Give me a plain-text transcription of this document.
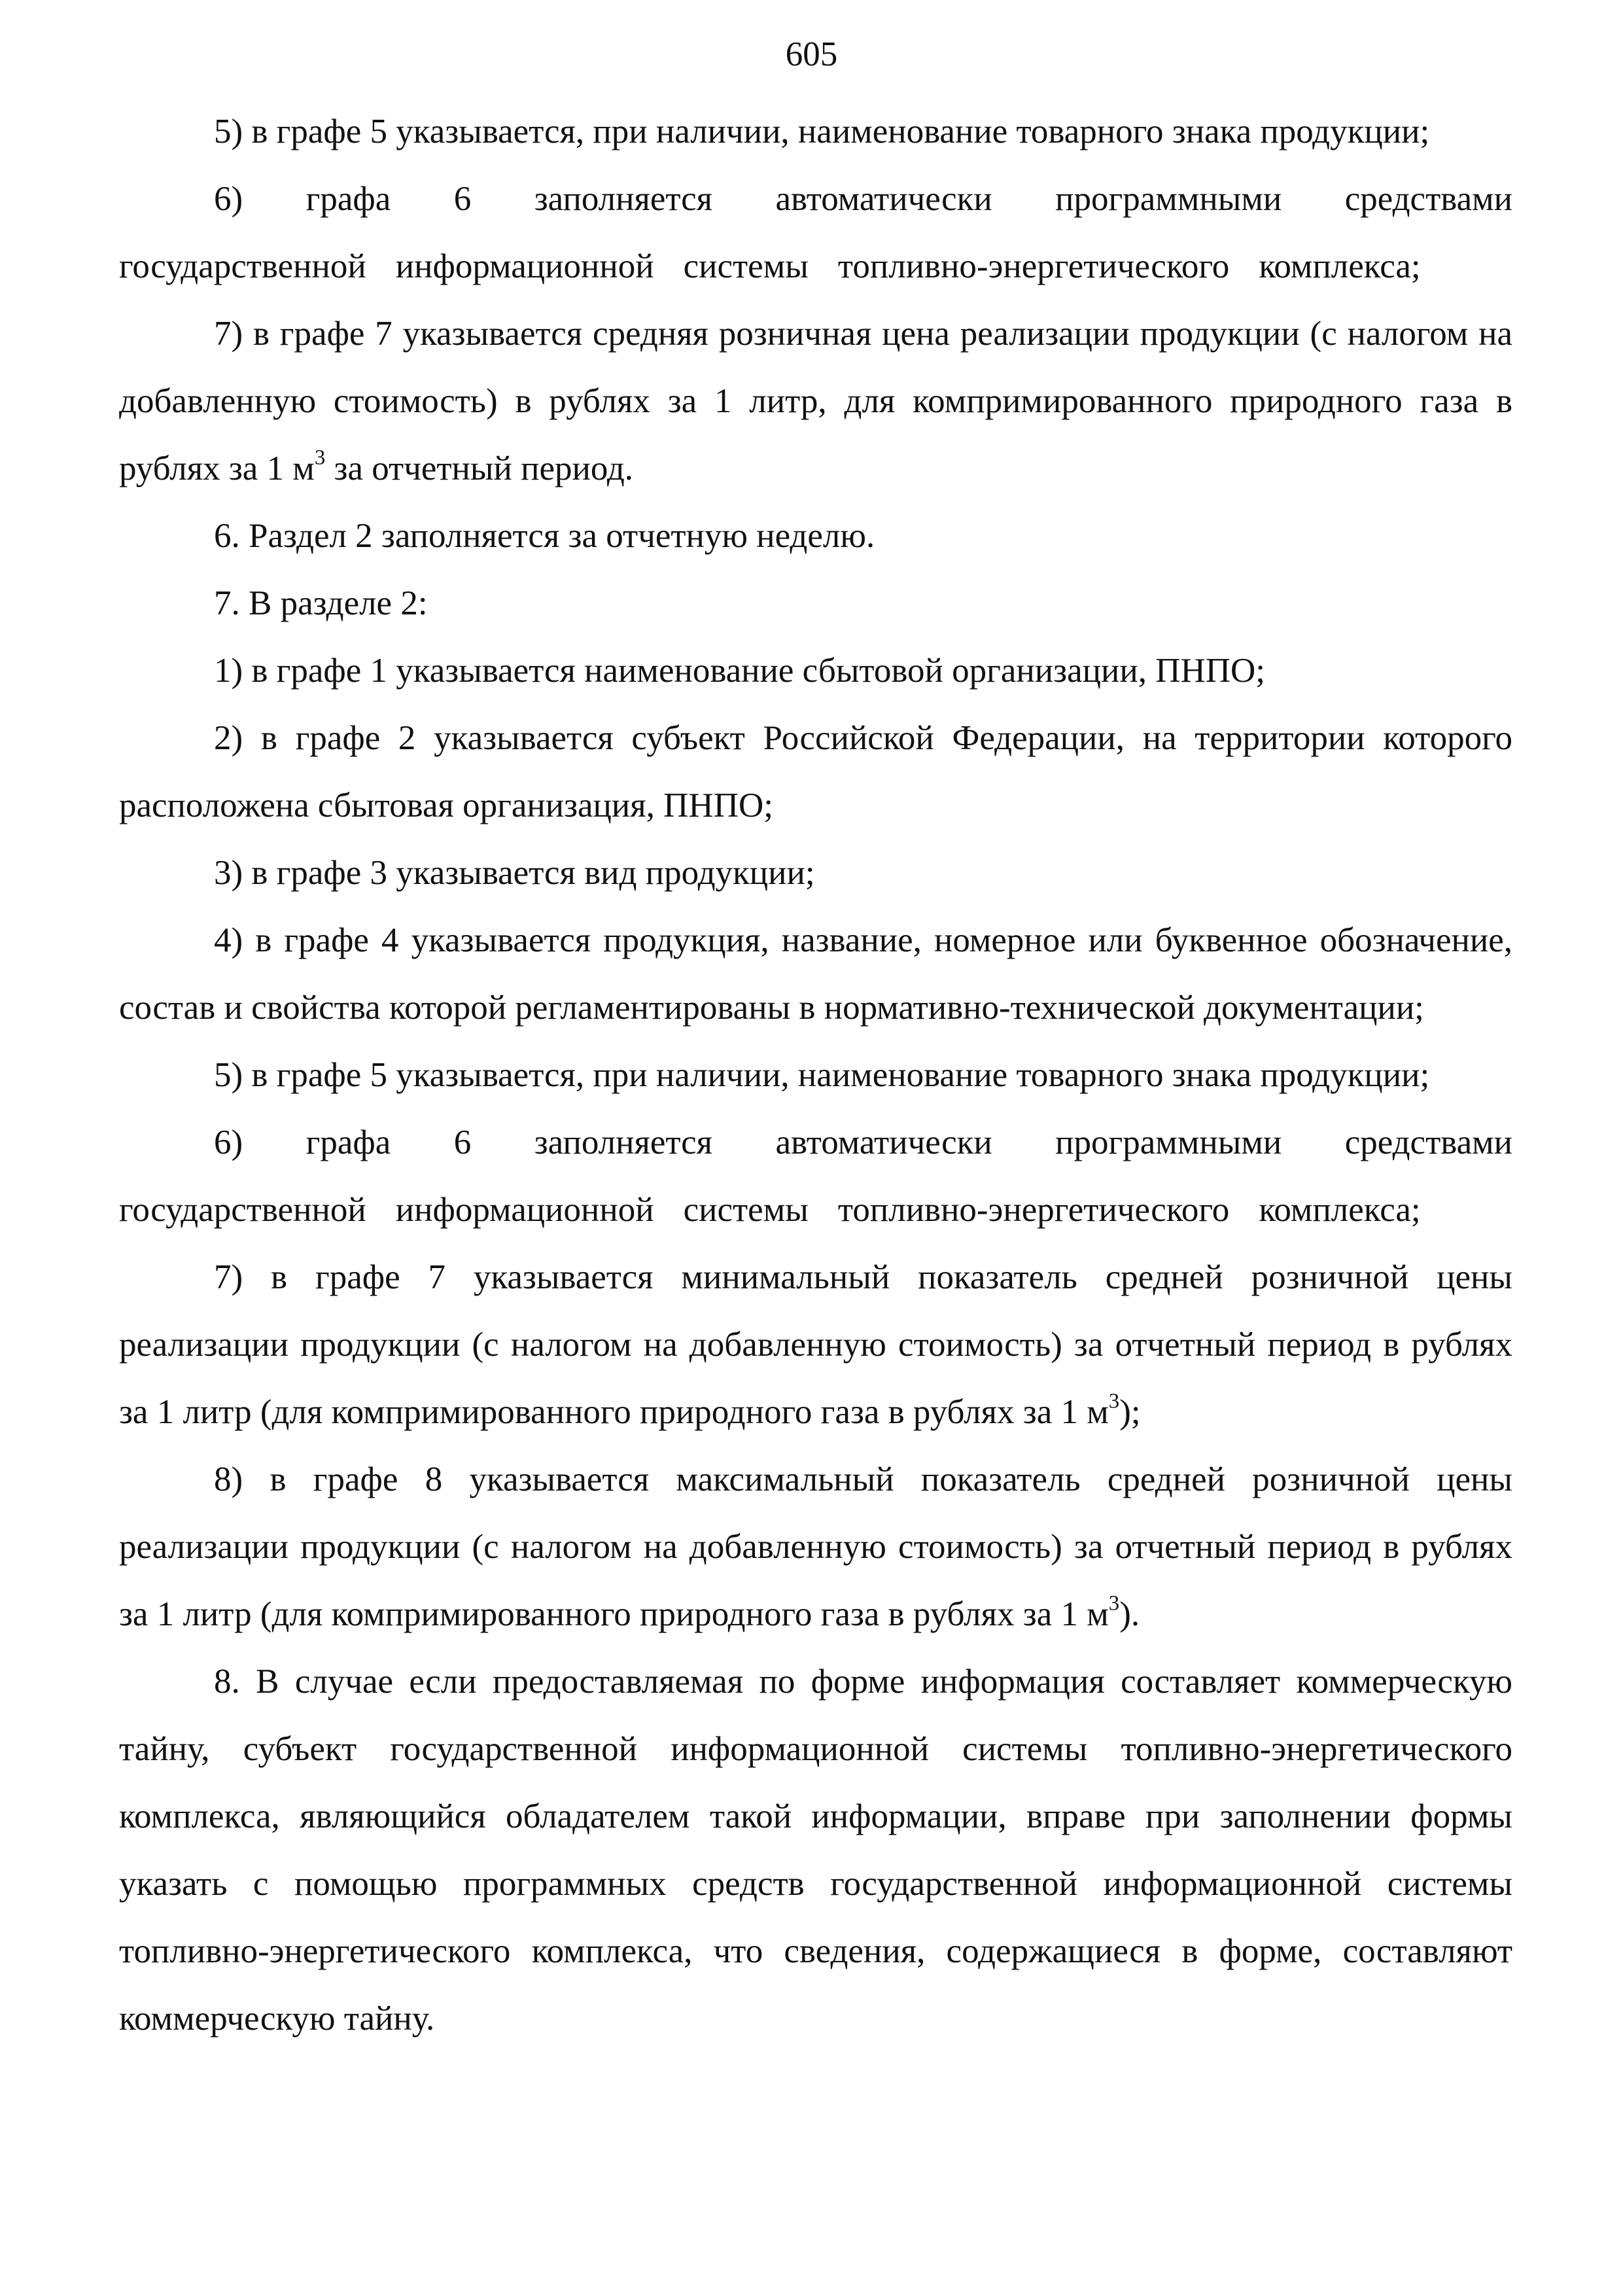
605

5) в графе 5 указывается, при наличии, наименование товарного знака продукции;

6) графа 6 заполняется автоматически программными средствами государственной информационной системы топливно-энергетического комплекса;

7) в графе 7 указывается средняя розничная цена реализации продукции (с налогом на добавленную стоимость) в рублях за 1 литр, для компримированного природного газа в рублях за 1 $м^3$ за отчетный период.

6. Раздел 2 заполняется за отчетную неделю.

7. В разделе 2:

1) в графе 1 указывается наименование сбытовой организации, ПНПО;

2) в графе 2 указывается субъект Российской Федерации, на территории которого расположена сбытовая организация, ПНПО;

3) в графе 3 указывается вид продукции;

4) в графе 4 указывается продукция, название, номерное или буквенное обозначение, состав и свойства которой регламентированы в нормативно-технической документации;

5) в графе 5 указывается, при наличии, наименование товарного знака продукции;

6) графа 6 заполняется автоматически программными средствами государственной информационной системы топливно-энергетического комплекса;

7) в графе 7 указывается минимальный показатель средней розничной цены реализации продукции (с налогом на добавленную стоимость) за отчетный период в рублях за 1 литр (для компримированного природного газа в рублях за 1 $м^3$);

8) в графе 8 указывается максимальный показатель средней розничной цены реализации продукции (с налогом на добавленную стоимость) за отчетный период в рублях за 1 литр (для компримированного природного газа в рублях за 1 $м^3$).

8. В случае если предоставляемая по форме информация составляет коммерческую тайну, субъект государственной информационной системы топливно-энергетического комплекса, являющийся обладателем такой информации, вправе при заполнении формы указать с помощью программных средств государственной информационной системы топливно-энергетического комплекса, что сведения, содержащиеся в форме, составляют коммерческую тайну.
